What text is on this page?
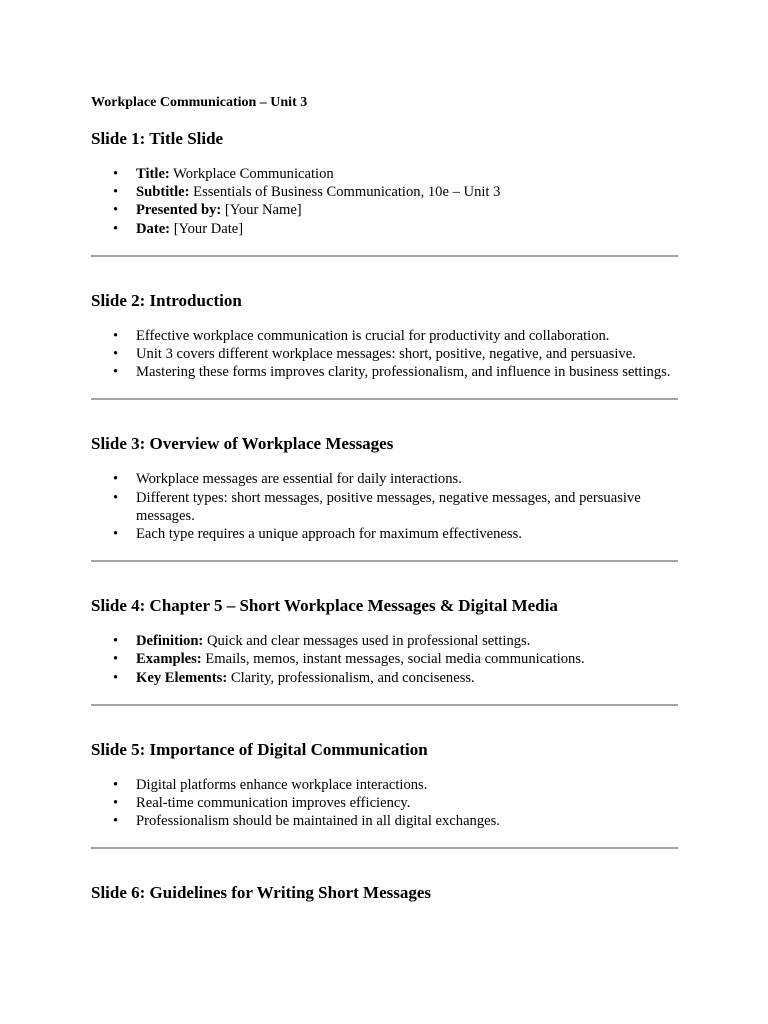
Workplace Communication – Unit 3
Slide 1: Title Slide
• Title: Workplace Communication
• Subtitle: Essentials of Business Communication, 10e – Unit 3
• Presented by: [Your Name]
• Date: [Your Date]
Slide 2: Introduction
• Effective workplace communication is crucial for productivity and collaboration.
• Unit 3 covers different workplace messages: short, positive, negative, and persuasive.
• Mastering these forms improves clarity, professionalism, and influence in business settings.
Slide 3: Overview of Workplace Messages
• Workplace messages are essential for daily interactions.
• Different types: short messages, positive messages, negative messages, and persuasive messages.
• Each type requires a unique approach for maximum effectiveness.
Slide 4: Chapter 5 – Short Workplace Messages & Digital Media
• Definition: Quick and clear messages used in professional settings.
• Examples: Emails, memos, instant messages, social media communications.
• Key Elements: Clarity, professionalism, and conciseness.
Slide 5: Importance of Digital Communication
• Digital platforms enhance workplace interactions.
• Real-time communication improves efficiency.
• Professionalism should be maintained in all digital exchanges.
Slide 6: Guidelines for Writing Short Messages
